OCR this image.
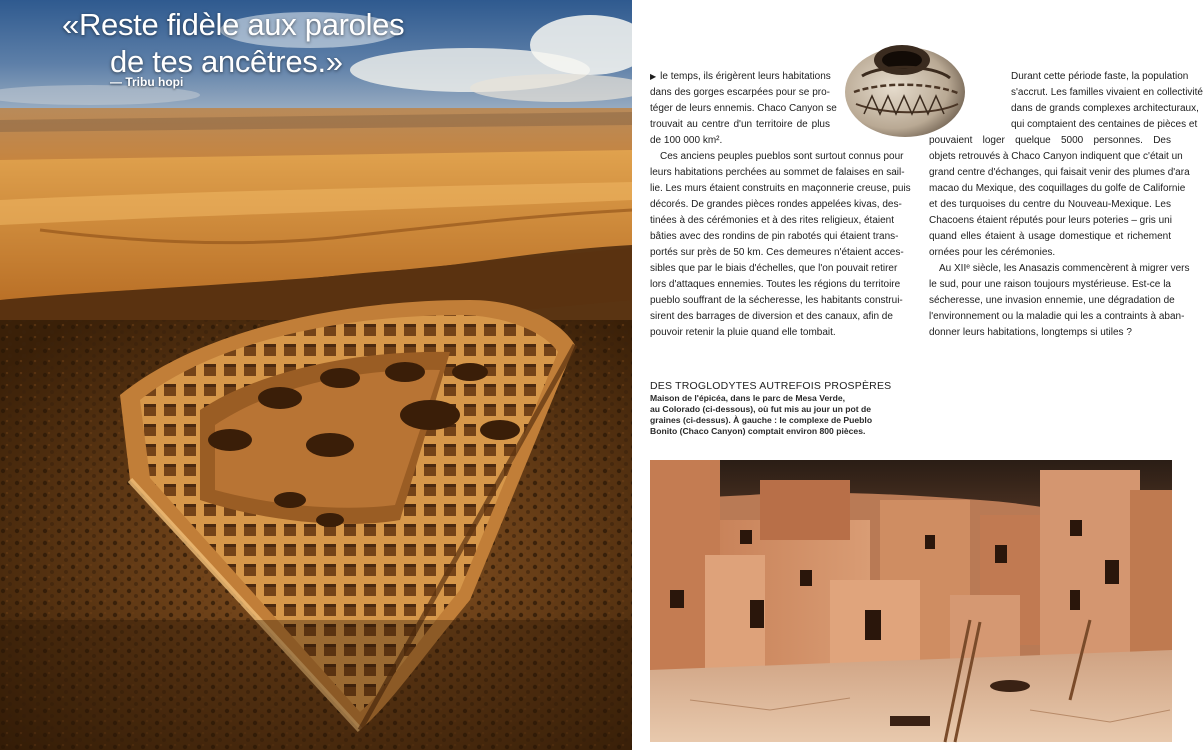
«Reste fidèle aux paroles
de tes ancêtres.»
— Tribu hopi	▶ le temps, ils érigèrent leurs habitations
dans des gorges escarpées pour se pro-
téger de leurs ennemis. Chaco Canyon se
trouvait au centre d'un territoire de plus
de 100 000 km².
Ces anciens peuples pueblos sont surtout connus pour
leurs habitations perchées au sommet de falaises en sail-
lie. Les murs étaient construits en maçonnerie creuse, puis
décorés. De grandes pièces rondes appelées kivas, des-
tinées à des cérémonies et à des rites religieux, étaient
bâties avec des rondins de pin rabotés qui étaient trans-
portés sur près de 50 km. Ces demeures n'étaient acces-
sibles que par le biais d'échelles, que l'on pouvait retirer
lors d'attaques ennemies. Toutes les régions du territoire
pueblo souffrant de la sécheresse, les habitants construi-
sirent des barrages de diversion et des canaux, afin de
pouvoir retenir la pluie quand elle tombait.
Durant cette période faste, la population
s'accrut. Les familles vivaient en collectivité
dans de grands complexes architecturaux,
qui comptaient des centaines de pièces et
pouvaient loger quelque 5000 personnes. Des
objets retrouvés à Chaco Canyon indiquent que c'était un
grand centre d'échanges, qui faisait venir des plumes d'ara
macao du Mexique, des coquillages du golfe de Californie
et des turquoises du centre du Nouveau-Mexique. Les
Chacoens étaient réputés pour leurs poteries – gris uni
quand elles étaient à usage domestique et richement
ornées pour les cérémonies.
Au XIIᵉ siècle, les Anasazis commencèrent à migrer vers
le sud, pour une raison toujours mystérieuse. Est-ce la
sécheresse, une invasion ennemie, une dégradation de
l'environnement ou la maladie qui les a contraints à aban-
donner leurs habitations, longtemps si utiles ?
DES TROGLODYTES AUTREFOIS PROSPÈRES
Maison de l'épicéa, dans le parc de Mesa Verde,
au Colorado (ci-dessous), où fut mis au jour un pot de
graines (ci-dessus). À gauche : le complexe de Pueblo
Bonito (Chaco Canyon) comptait environ 800 pièces.
